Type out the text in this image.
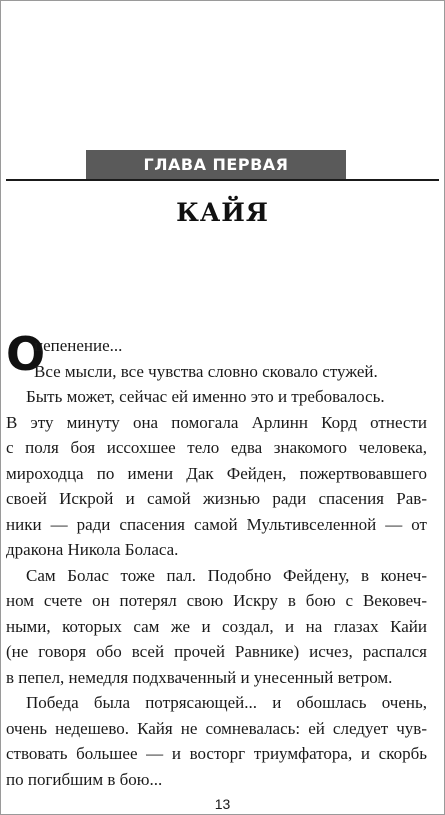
ГЛАВА ПЕРВАЯ
КАЙЯ
О
цепенение...
Все мысли, все чувства словно сковало стужей.
Быть может, сейчас ей именно это и требовалось.
В эту минуту она помогала Арлинн Корд отнести
с поля боя иссохшее тело едва знакомого человека,
мироходца по имени Дак Фейден, пожертвовавшего
своей Искрой и самой жизнью ради спасения Рав-
ники — ради спасения самой Мультивселенной — от
дракона Никола Боласа.
Сам Болас тоже пал. Подобно Фейдену, в конеч-
ном счете он потерял свою Искру в бою с Вековеч-
ными, которых сам же и создал, и на глазах Кайи
(не говоря обо всей прочей Равнике) исчез, распался
в пепел, немедля подхваченный и унесенный ветром.
Победа была потрясающей... и обошлась очень,
очень недешево. Кайя не сомневалась: ей следует чув-
ствовать большее — и восторг триумфатора, и скорбь
по погибшим в бою...
13
